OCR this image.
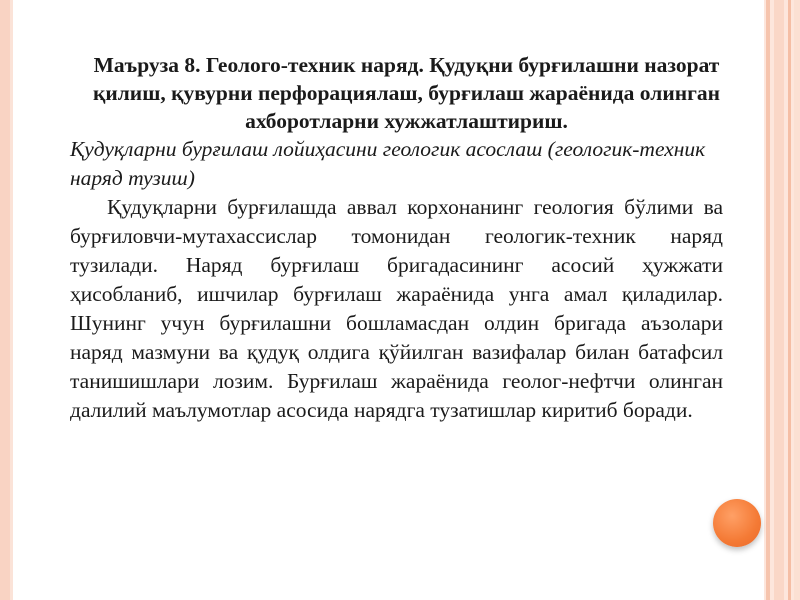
Маъруза 8. Геолого-техник наряд. Қудуқни бурғилашни назорат қилиш, қувурни перфорациялаш, бурғилаш жараёнида олинган ахборотларни хужжатлаштириш.

Қудуқларни бурғилаш лойиҳасини геологик асослаш (геологик-техник наряд тузиш)

Қудуқларни бурғилашда аввал корхонанинг геология бўлими ва бурғиловчи-мутахассислар томонидан геологик-техник наряд тузилади. Наряд бурғилаш бригадасининг асосий ҳужжати ҳисобланиб, ишчилар бурғилаш жараёнида унга амал қиладилар. Шунинг учун бурғилашни бошламасдан олдин бригада аъзолари наряд мазмуни ва қудуқ олдига қўйилган вазифалар билан батафсил танишишлари лозим. Бурғилаш жараёнида геолог-нефтчи олинган далилий маълумотлар асосида нарядга тузатишлар киритиб боради.
